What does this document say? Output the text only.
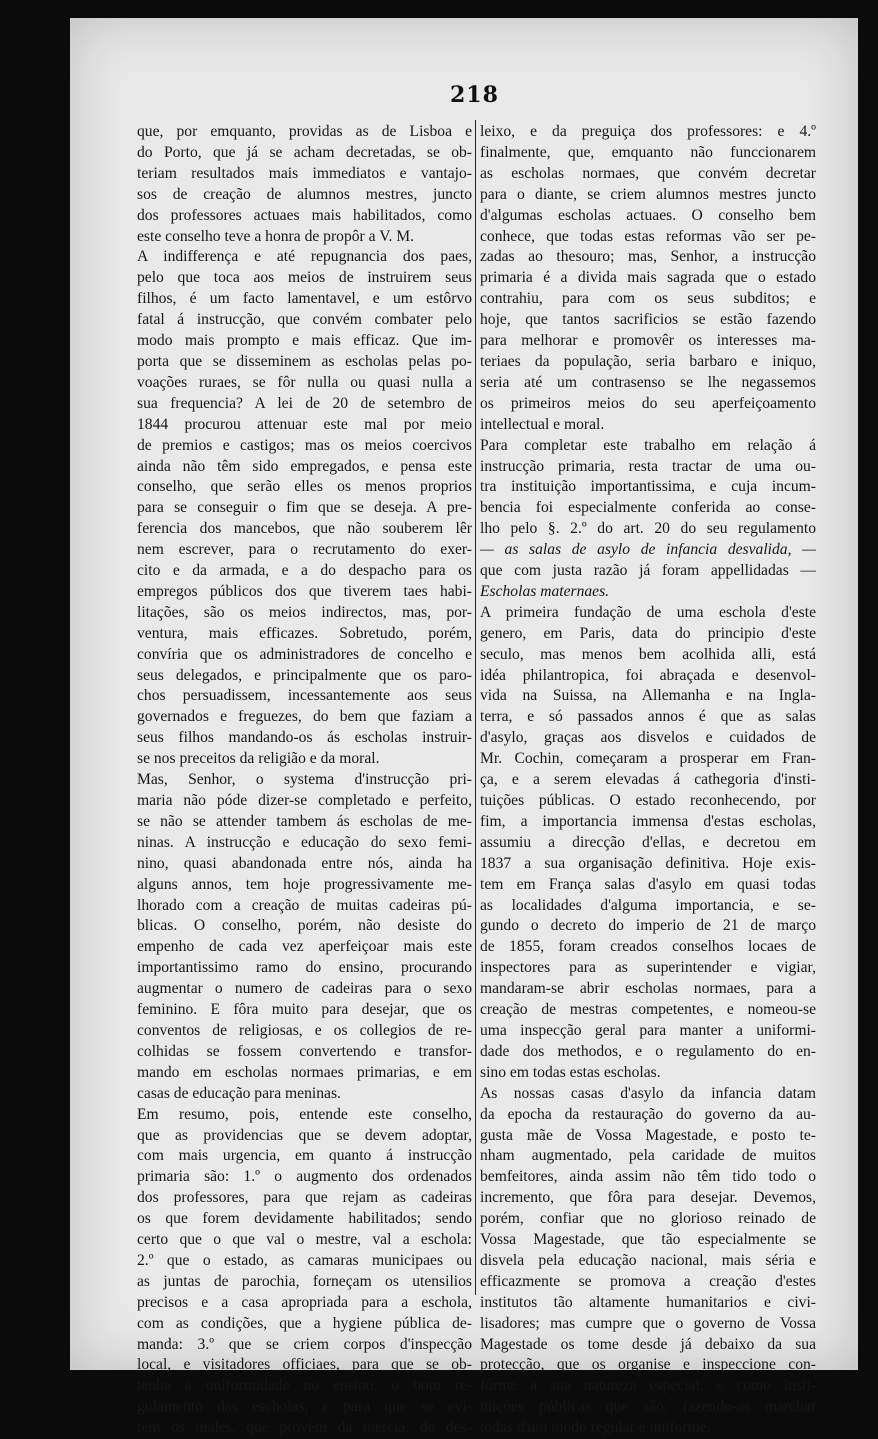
218
que, por emquanto, providas as de Lisboa e
do Porto, que já se acham decretadas, se ob-
teriam resultados mais immediatos e vantajo-
sos de creação de alumnos mestres, juncto
dos professores actuaes mais habilitados, como
este conselho teve a honra de propôr a V. M.
A indifferença e até repugnancia dos paes,
pelo que toca aos meios de instruirem seus
filhos, é um facto lamentavel, e um estôrvo
fatal á instrucção, que convém combater pelo
modo mais prompto e mais efficaz. Que im-
porta que se disseminem as escholas pelas po-
voações ruraes, se fôr nulla ou quasi nulla a
sua frequencia? A lei de 20 de setembro de
1844 procurou attenuar este mal por meio
de premios e castigos; mas os meios coercivos
ainda não têm sido empregados, e pensa este
conselho, que serão elles os menos proprios
para se conseguir o fim que se deseja. A pre-
ferencia dos mancebos, que não souberem lêr
nem escrever, para o recrutamento do exer-
cito e da armada, e a do despacho para os
empregos públicos dos que tiverem taes habi-
litações, são os meios indirectos, mas, por-
ventura, mais efficazes. Sobretudo, porém,
convíria que os administradores de concelho e
seus delegados, e principalmente que os paro-
chos persuadissem, incessantemente aos seus
governados e freguezes, do bem que faziam a
seus filhos mandando-os ás escholas instruir-
se nos preceitos da religião e da moral.
Mas, Senhor, o systema d'instrucção pri-
maria não póde dizer-se completado e perfeito,
se não se attender tambem ás escholas de me-
ninas. A instrucção e educação do sexo femi-
nino, quasi abandonada entre nós, ainda ha
alguns annos, tem hoje progressivamente me-
lhorado com a creação de muitas cadeiras pú-
blicas. O conselho, porém, não desiste do
empenho de cada vez aperfeiçoar mais este
importantissimo ramo do ensino, procurando
augmentar o numero de cadeiras para o sexo
feminino. E fôra muito para desejar, que os
conventos de religiosas, e os collegios de re-
colhidas se fossem convertendo e transfor-
mando em escholas normaes primarias, e em
casas de educação para meninas.
Em resumo, pois, entende este conselho,
que as providencias que se devem adoptar,
com mais urgencia, em quanto á instrucção
primaria são: 1.º o augmento dos ordenados
dos professores, para que rejam as cadeiras
os que forem devidamente habilitados; sendo
certo que o que val o mestre, val a eschola:
2.º que o estado, as camaras municipaes ou
as juntas de parochia, forneçam os utensilios
precisos e a casa apropriada para a eschola,
com as condições, que a hygiene pública de-
manda: 3.º que se criem corpos d'inspecção
local, e visitadores officiaes, para que se ob-
tenha a uniformidade no ensino, o bom re-
gulamento das escholas, e para que se evi-
tem os males, que provêm da inercia, do des-
leixo, e da preguiça dos professores: e 4.º
finalmente, que, emquanto não funccionarem
as escholas normaes, que convém decretar
para o diante, se criem alumnos mestres juncto
d'algumas escholas actuaes. O conselho bem
conhece, que todas estas reformas vão ser pe-
zadas ao thesouro; mas, Senhor, a instrucção
primaria é a divida mais sagrada que o estado
contrahiu, para com os seus subditos; e
hoje, que tantos sacrificios se estão fazendo
para melhorar e promovêr os interesses ma-
teriaes da população, seria barbaro e iniquo,
seria até um contrasenso se lhe negassemos
os primeiros meios do seu aperfeiçoamento
intellectual e moral.
Para completar este trabalho em relação á
instrucção primaria, resta tractar de uma ou-
tra instituição importantissima, e cuja incum-
bencia foi especialmente conferida ao conse-
lho pelo §. 2.º do art. 20 do seu regulamento
— as salas de asylo de infancia desvalida, —
que com justa razão já foram appellidadas —
Escholas maternaes.
A primeira fundação de uma eschola d'este
genero, em Paris, data do principio d'este
seculo, mas menos bem acolhida alli, está
idéa philantropica, foi abraçada e desenvol-
vida na Suissa, na Allemanha e na Ingla-
terra, e só passados annos é que as salas
d'asylo, graças aos disvelos e cuidados de
Mr. Cochin, começaram a prosperar em Fran-
ça, e a serem elevadas á cathegoria d'insti-
tuições públicas. O estado reconhecendo, por
fim, a importancia immensa d'estas escholas,
assumiu a direcção d'ellas, e decretou em
1837 a sua organisação definitiva. Hoje exis-
tem em França salas d'asylo em quasi todas
as localidades d'alguma importancia, e se-
gundo o decreto do imperio de 21 de março
de 1855, foram creados conselhos locaes de
inspectores para as superintender e vigiar,
mandaram-se abrir escholas normaes, para a
creação de mestras competentes, e nomeou-se
uma inspecção geral para manter a uniformi-
dade dos methodos, e o regulamento do en-
sino em todas estas escholas.
As nossas casas d'asylo da infancia datam
da epocha da restauração do governo da au-
gusta mãe de Vossa Magestade, e posto te-
nham augmentado, pela caridade de muitos
bemfeitores, ainda assim não têm tido todo o
incremento, que fôra para desejar. Devemos,
porém, confiar que no glorioso reinado de
Vossa Magestade, que tão especialmente se
disvela pela educação nacional, mais séria e
efficazmente se promova a creação d'estes
institutos tão altamente humanitarios e civi-
lisadores; mas cumpre que o governo de Vossa
Magestade os tome desde já debaixo da sua
protecção, que os organise e inspeccione con-
fórme a sua natureza especial, e como insti-
tuições públicas que são, fazendo-as marchar
todas d'um modo regular e uniforme.
